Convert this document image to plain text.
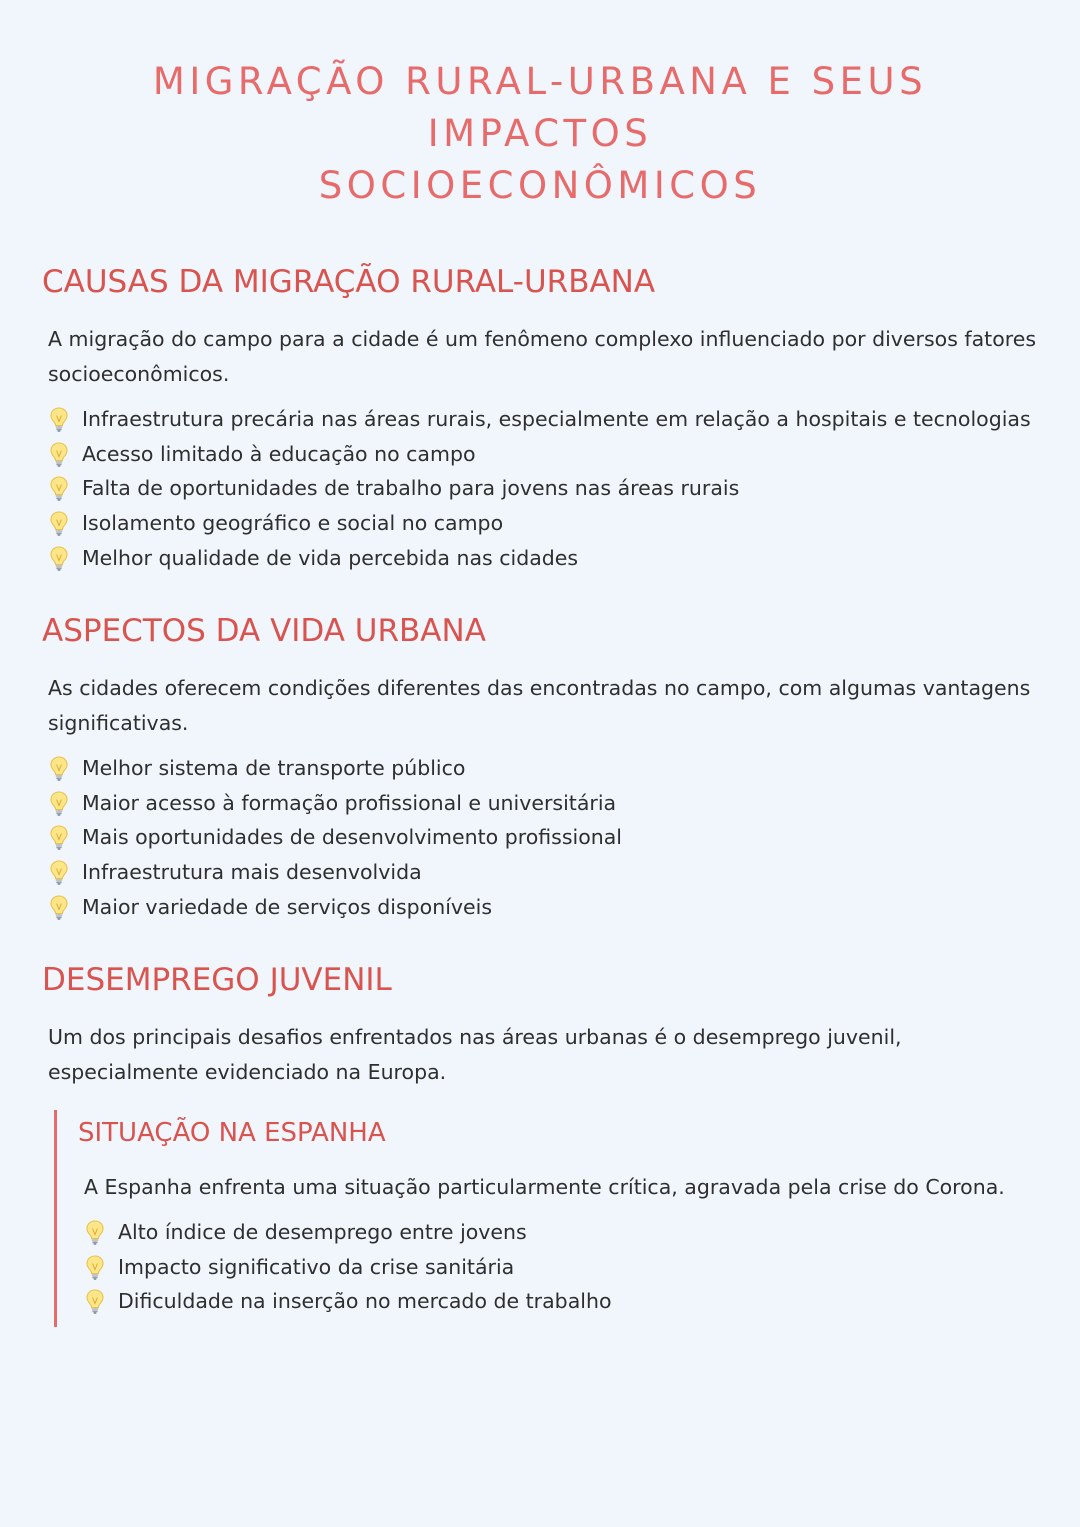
MIGRAÇÃO RURAL-URBANA E SEUS IMPACTOS
SOCIOECONÔMICOS
CAUSAS DA MIGRAÇÃO RURAL-URBANA

A migração do campo para a cidade é um fenômeno complexo influenciado por diversos fatores socioeconômicos.

Infraestrutura precária nas áreas rurais, especialmente em relação a hospitais e tecnologias
Acesso limitado à educação no campo
Falta de oportunidades de trabalho para jovens nas áreas rurais
Isolamento geográfico e social no campo
Melhor qualidade de vida percebida nas cidades
ASPECTOS DA VIDA URBANA

As cidades oferecem condições diferentes das encontradas no campo, com algumas vantagens significativas.

Melhor sistema de transporte público
Maior acesso à formação profissional e universitária
Mais oportunidades de desenvolvimento profissional
Infraestrutura mais desenvolvida
Maior variedade de serviços disponíveis
DESEMPREGO JUVENIL

Um dos principais desafios enfrentados nas áreas urbanas é o desemprego juvenil, especialmente evidenciado na Europa.

SITUAÇÃO NA ESPANHA

A Espanha enfrenta uma situação particularmente crítica, agravada pela crise do Corona.

Alto índice de desemprego entre jovens
Impacto significativo da crise sanitária
Dificuldade na inserção no mercado de trabalho
